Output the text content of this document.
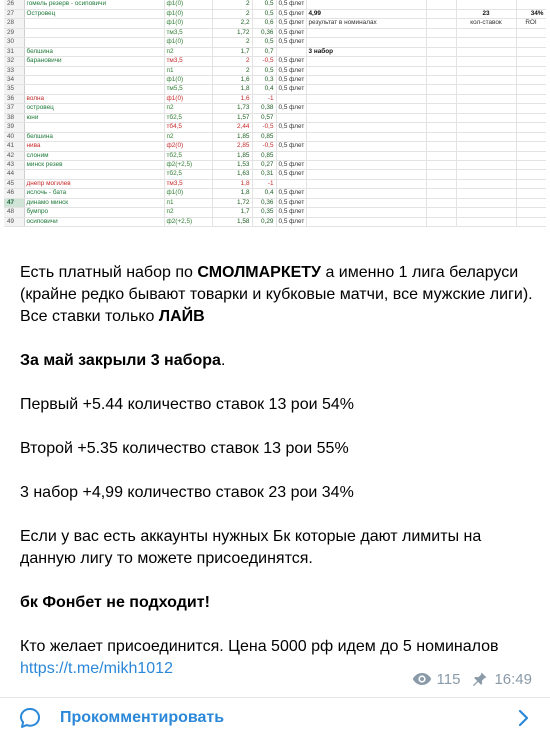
26	гомель резерв - осиповичи	ф1(0)	2	0,5	0,5 флет				
27	Островец	ф1(0)	2	0,5	0,5 флет	4,99		23	34%
28		ф1(0)	2,2	0,6	0,5 флет	результат в номиналах		кол-ставок	ROI
29		тм3,5	1,72	0,36	0,5 флет				
30		ф1(0)	2	0,5	0,5 флет				
31	белшина	п2	1,7	0,7		3 набор			
32	барановичи	тм3,5	2	-0,5	0,5 флет				
33		п1	2	0,5	0,5 флет				
34		ф1(0)	1,6	0,3	0,5 флет				
35		тм5,5	1,8	0,4	0,5 флет				
36	волна	ф1(0)	1,6	-1					
37	островец	п2	1,73	0,38	0,5 флет				
38	юни	тб2,5	1,57	0,57					
39		тб4,5	2,44	-0,5	0,5 флет				
40	белшина	п2	1,85	0,85					
41	нива	ф2(0)	2,85	-0,5	0,5 флет				
42	слоним	тб2,5	1,85	0,85					
43	минск резев	ф2(+2,5)	1,53	0,27	0,5 флет				
44		тб2,5	1,63	0,31	0,5 флет				
45	днепр могилев	тм3,5	1,8	-1					
46	ислочь - бата	ф1(0)	1,8	0,4	0,5 флет				
47	динамо минск	п1	1,72	0,36	0,5 флет				
48	бумпро	п2	1,7	0,35	0,5 флет				
49	осиповичи	ф2(+2,5)	1,58	0,29	0,5 флет				

Есть платный набор по СМОЛМАРКЕТУ а именно 1 лига беларуси (крайне редко бывают товарки и кубковые матчи, все мужские лиги). Все ставки только ЛАЙВ

За май закрыли 3 набора.

Первый +5.44 количество ставок 13 рои 54%

Второй +5.35 количество ставок 13 рои 55%

3 набор +4,99 количество ставок 23 рои 34%

Если у вас есть аккаунты нужных Бк которые дают лимиты на данную лигу то можете присоединятся.

бк Фонбет не подходит!

Кто желает присоединится. Цена 5000 рф идем до 5 номиналов

https://t.me/mikh1012

115 16:49
Прокомментировать
